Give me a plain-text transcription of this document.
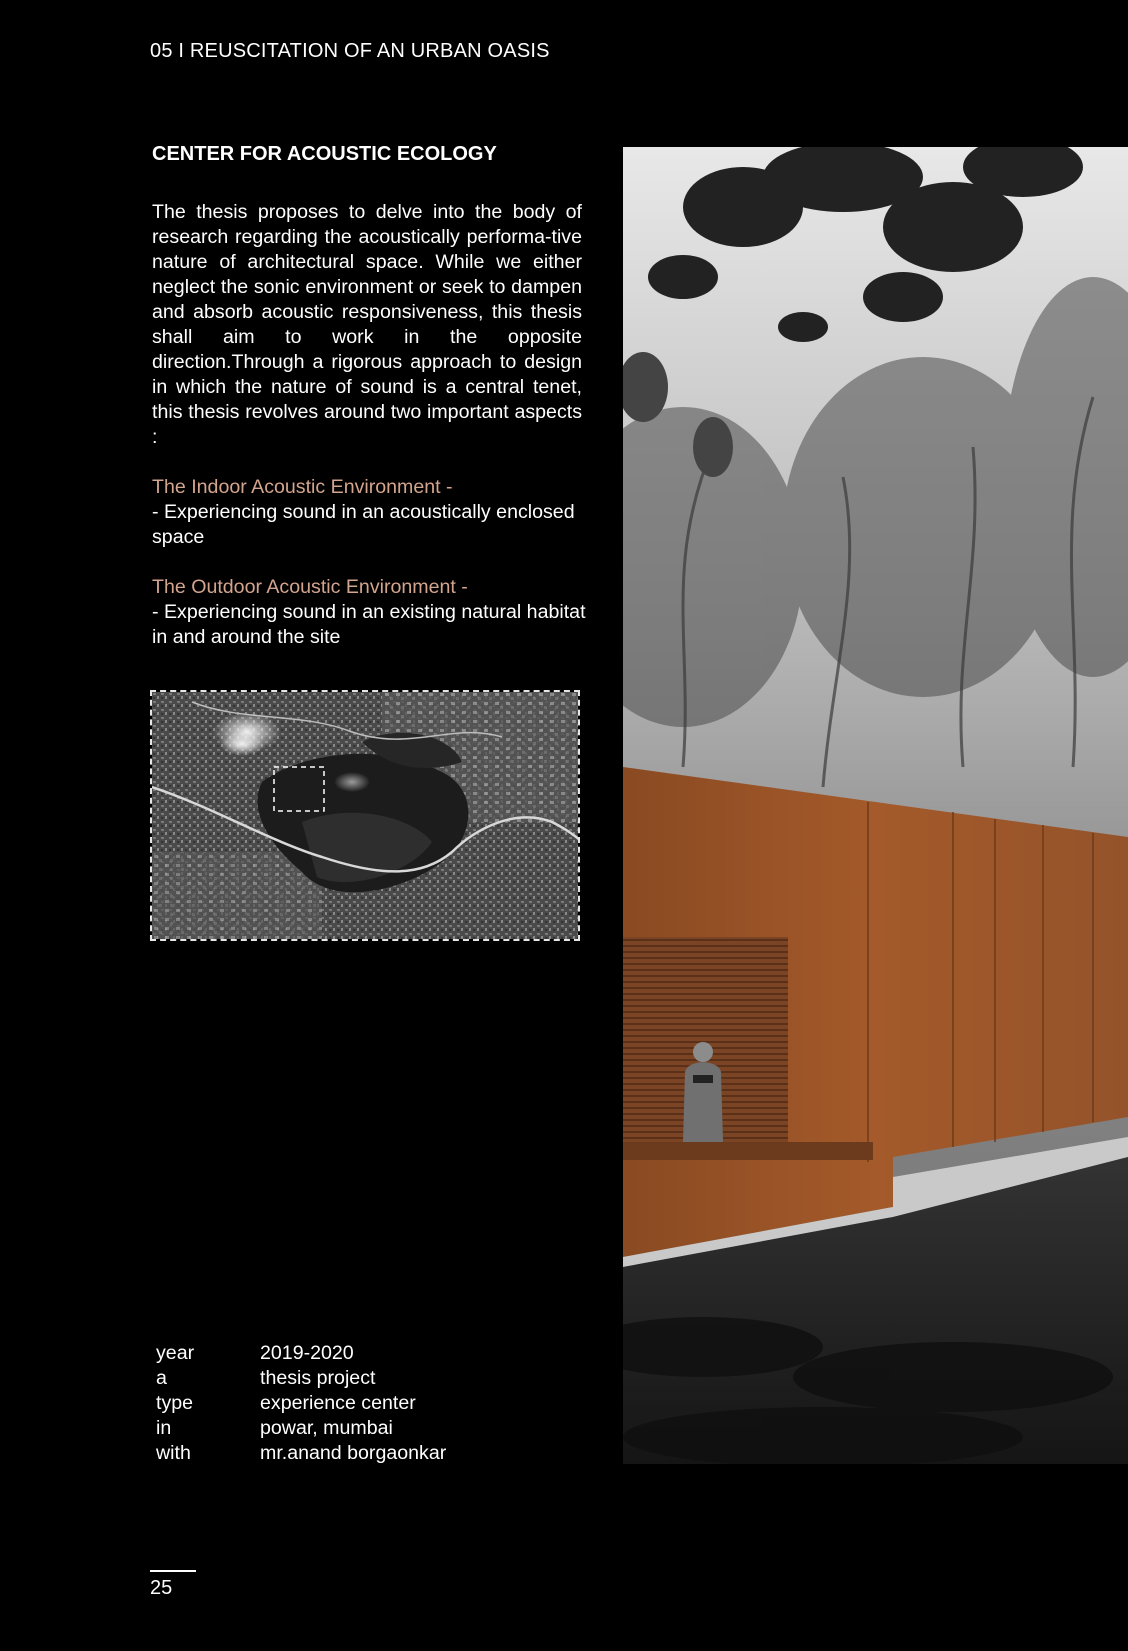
05 I REUSCITATION OF AN URBAN OASIS
CENTER FOR ACOUSTIC ECOLOGY

The thesis proposes to delve into the body of research regarding the acoustically performa-tive nature of architectural space. While we either neglect the sonic environment or seek to dampen and absorb acoustic responsiveness, this thesis shall aim to work in the opposite direction.Through a rigorous approach to design in which the nature of sound is a central tenet, this thesis revolves around two important aspects :

The Indoor Acoustic Environment -
- Experiencing sound in an acoustically enclosed space
The Outdoor Acoustic Environment -
- Experiencing sound in an existing natural habitat in and around the site
year	2019-2020
a	thesis project
type	experience center
in	powar, mumbai
with	mr.anand borgaonkar
25
